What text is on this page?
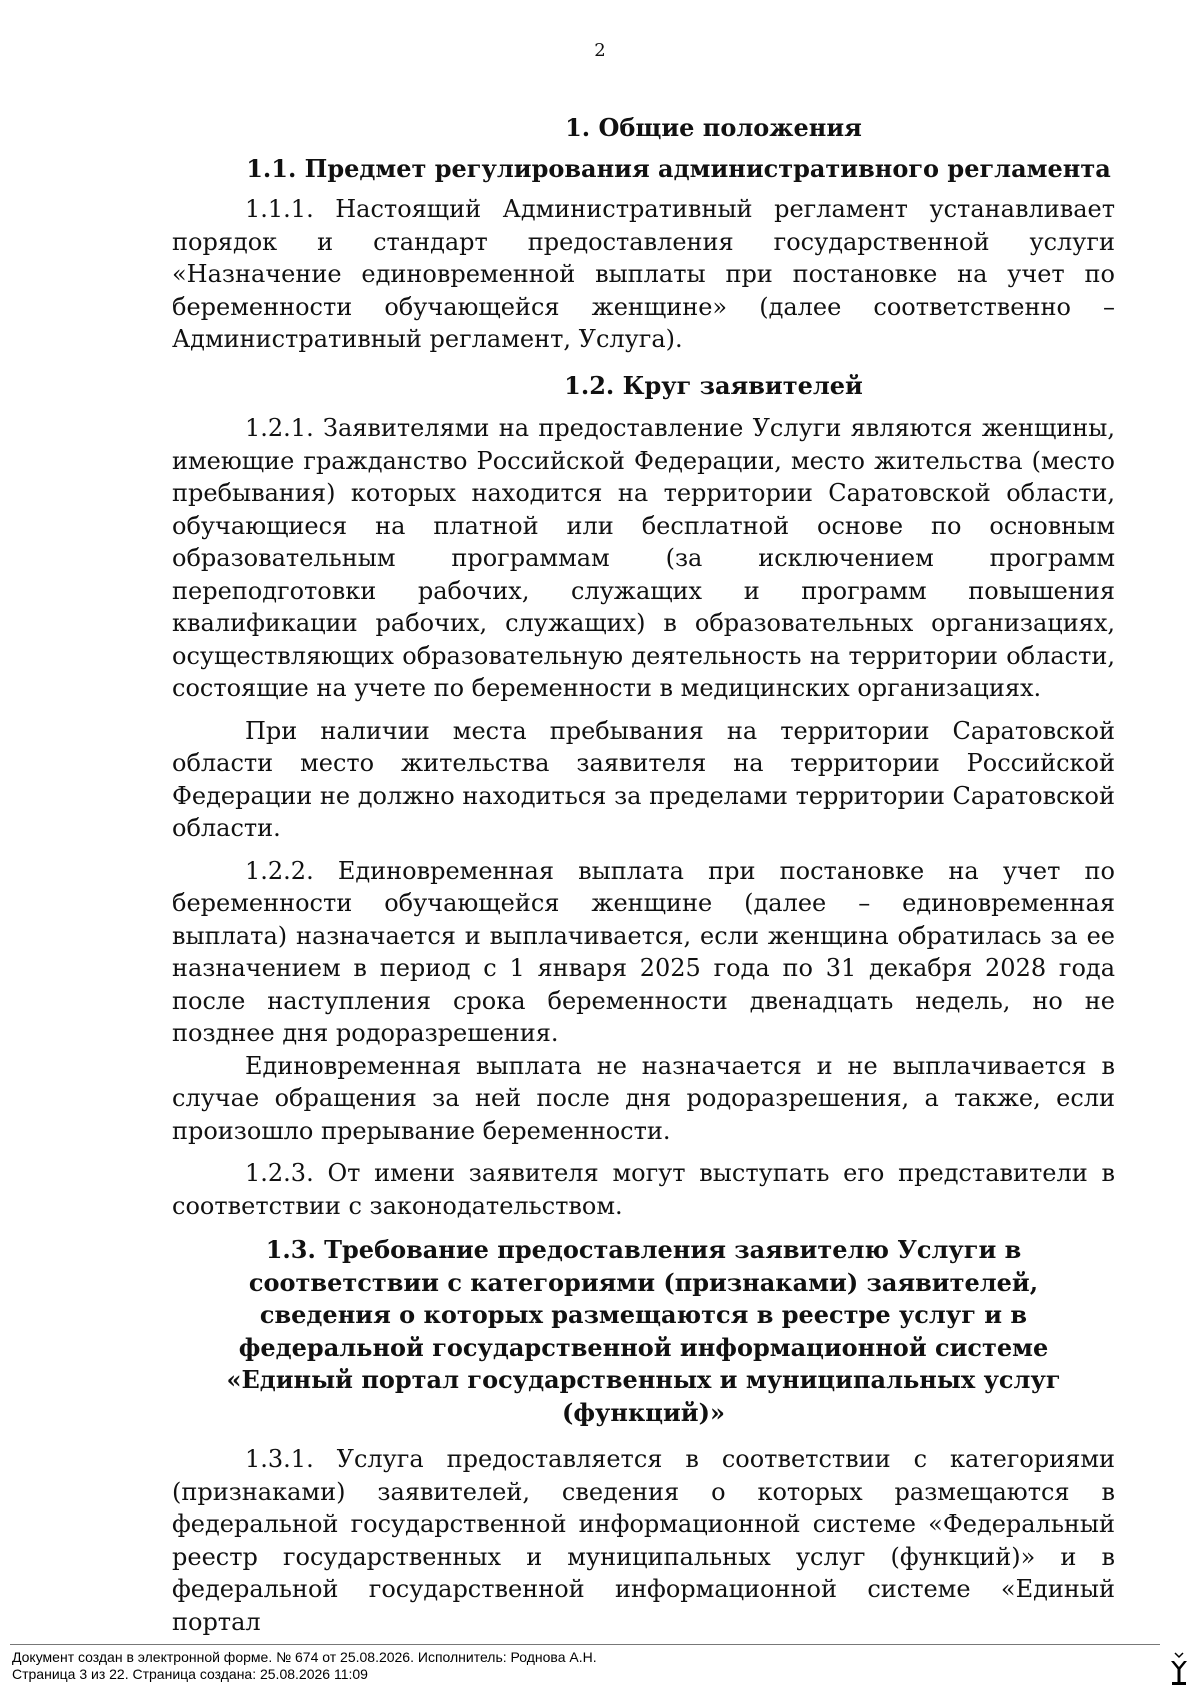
2
1. Общие положения
1.1. Предмет регулирования административного регламента

1.1.1. Настоящий Административный регламент устанавливает порядок и стандарт предоставления государственной услуги «Назначение единовременной выплаты при постановке на учет по беременности обучающейся женщине» (далее соответственно – Административный регламент, Услуга).

1.2. Круг заявителей

1.2.1. Заявителями на предоставление Услуги являются женщины, имеющие гражданство Российской Федерации, место жительства (место пребывания) которых находится на территории Саратовской области, обучающиеся на платной или бесплатной основе по основным образовательным программам (за исключением программ переподготовки рабочих, служащих и программ повышения квалификации рабочих, служащих) в образовательных организациях, осуществляющих образовательную деятельность на территории области, состоящие на учете по беременности в медицинских организациях.

При наличии места пребывания на территории Саратовской области место жительства заявителя на территории Российской Федерации не должно находиться за пределами территории Саратовской области.

1.2.2. Единовременная выплата при постановке на учет по беременности обучающейся женщине (далее – единовременная выплата) назначается и выплачивается, если женщина обратилась за ее назначением в период с 1 января 2025 года по 31 декабря 2028 года после наступления срока беременности двенадцать недель, но не позднее дня родоразрешения.

Единовременная выплата не назначается и не выплачивается в случае обращения за ней после дня родоразрешения, а также, если произошло прерывание беременности.

1.2.3. От имени заявителя могут выступать его представители в соответствии с законодательством.

1.3. Требование предоставления заявителю Услуги в соответствии с категориями (признаками) заявителей, сведения о которых размещаются в реестре услуг и в федеральной государственной информационной системе «Единый портал государственных и муниципальных услуг (функций)»

1.3.1. Услуга предоставляется в соответствии с категориями (признаками) заявителей, сведения о которых размещаются в федеральной государственной информационной системе «Федеральный реестр государственных и муниципальных услуг (функций)» и в федеральной государственной информационной системе «Единый портал

Документ создан в электронной форме. № 674 от 25.08.2026. Исполнитель: Роднова А.Н.
Страница 3 из 22. Страница создана: 25.08.2026 11:09
